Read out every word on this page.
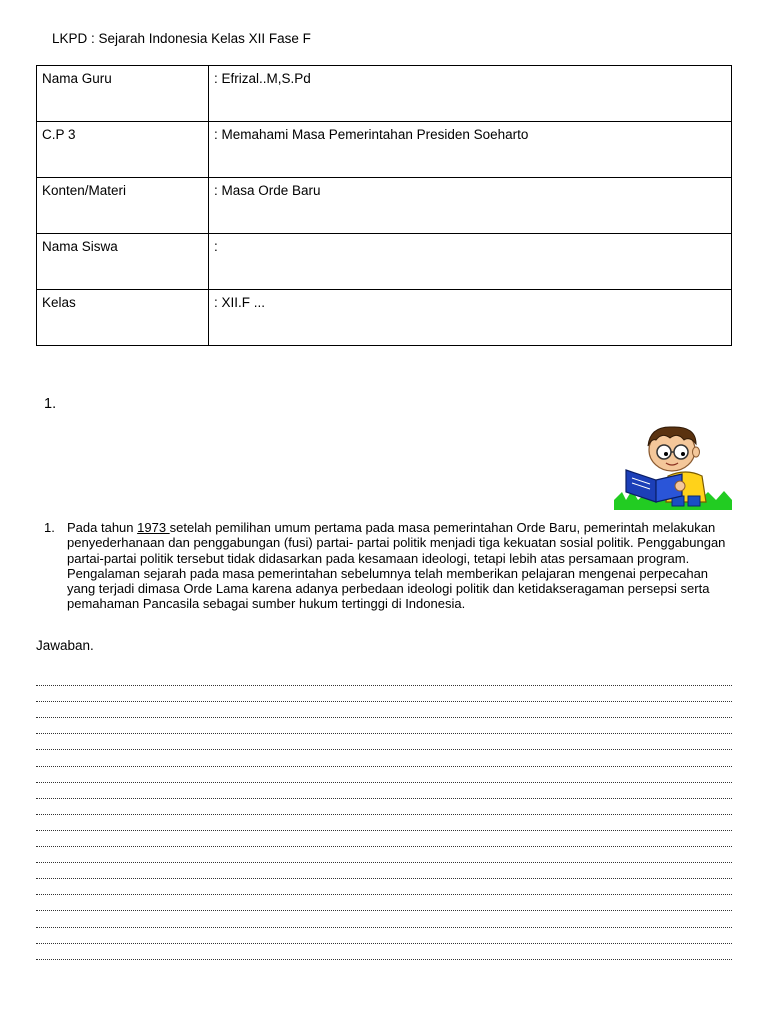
LKPD : Sejarah Indonesia Kelas XII Fase F
Nama Guru	: Efrizal..M,S.Pd
C.P 3	: Memahami Masa Pemerintahan Presiden Soeharto
Konten/Materi	: Masa Orde Baru
Nama Siswa	:
Kelas	: XII.F ...
1.
1. Pada tahun 1973 setelah pemilihan umum pertama pada masa pemerintahan Orde Baru, pemerintah melakukan penyederhanaan dan penggabungan (fusi) partai- partai politik menjadi tiga kekuatan sosial politik. Penggabungan partai-partai politik tersebut tidak didasarkan pada kesamaan ideologi, tetapi lebih atas persamaan program. Pengalaman sejarah pada masa pemerintahan sebelumnya telah memberikan pelajaran mengenai perpecahan yang terjadi dimasa Orde Lama karena adanya perbedaan ideologi politik dan ketidakseragaman persepsi serta pemahaman Pancasila sebagai sumber hukum tertinggi di Indonesia.
Jawaban.
